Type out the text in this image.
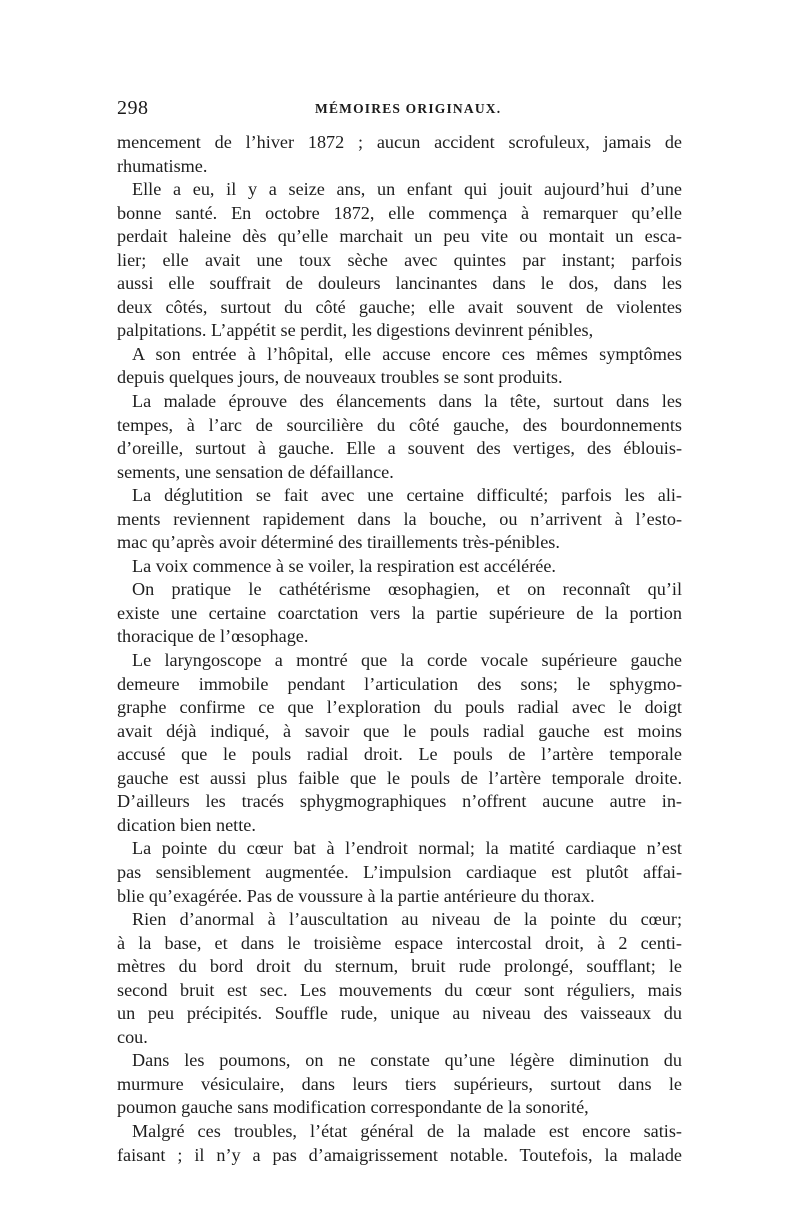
298	MÉMOIRES ORIGINAUX.
mencement de l’hiver 1872 ; aucun accident scrofuleux, jamais de
rhumatisme.
Elle a eu, il y a seize ans, un enfant qui jouit aujourd’hui d’une
bonne santé. En octobre 1872, elle commença à remarquer qu’elle
perdait haleine dès qu’elle marchait un peu vite ou montait un esca-
lier; elle avait une toux sèche avec quintes par instant; parfois
aussi elle souffrait de douleurs lancinantes dans le dos, dans les
deux côtés, surtout du côté gauche; elle avait souvent de violentes
palpitations. L’appétit se perdit, les digestions devinrent pénibles,
A son entrée à l’hôpital, elle accuse encore ces mêmes symptômes
depuis quelques jours, de nouveaux troubles se sont produits.
La malade éprouve des élancements dans la tête, surtout dans les
tempes, à l’arc de sourcilière du côté gauche, des bourdonnements
d’oreille, surtout à gauche. Elle a souvent des vertiges, des éblouis-
sements, une sensation de défaillance.
La déglutition se fait avec une certaine difficulté; parfois les ali-
ments reviennent rapidement dans la bouche, ou n’arrivent à l’esto-
mac qu’après avoir déterminé des tiraillements très-pénibles.
La voix commence à se voiler, la respiration est accélérée.
On pratique le cathétérisme œsophagien, et on reconnaît qu’il
existe une certaine coarctation vers la partie supérieure de la portion
thoracique de l’œsophage.
Le laryngoscope a montré que la corde vocale supérieure gauche
demeure immobile pendant l’articulation des sons; le sphygmo-
graphe confirme ce que l’exploration du pouls radial avec le doigt
avait déjà indiqué, à savoir que le pouls radial gauche est moins
accusé que le pouls radial droit. Le pouls de l’artère temporale
gauche est aussi plus faible que le pouls de l’artère temporale droite.
D’ailleurs les tracés sphygmographiques n’offrent aucune autre in-
dication bien nette.
La pointe du cœur bat à l’endroit normal; la matité cardiaque n’est
pas sensiblement augmentée. L’impulsion cardiaque est plutôt affai-
blie qu’exagérée. Pas de voussure à la partie antérieure du thorax.
Rien d’anormal à l’auscultation au niveau de la pointe du cœur;
à la base, et dans le troisième espace intercostal droit, à 2 centi-
mètres du bord droit du sternum, bruit rude prolongé, soufflant; le
second bruit est sec. Les mouvements du cœur sont réguliers, mais
un peu précipités. Souffle rude, unique au niveau des vaisseaux du
cou.
Dans les poumons, on ne constate qu’une légère diminution du
murmure vésiculaire, dans leurs tiers supérieurs, surtout dans le
poumon gauche sans modification correspondante de la sonorité,
Malgré ces troubles, l’état général de la malade est encore satis-
faisant ; il n’y a pas d’amaigrissement notable. Toutefois, la malade
